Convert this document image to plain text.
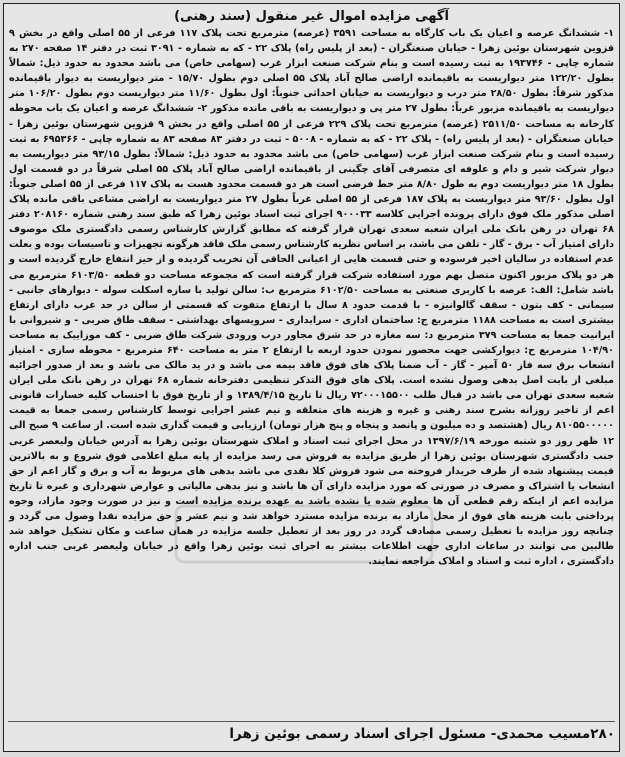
آگهی مزایده اموال غیر منقول (سند رهنی)
۱- ششدانگ عرصه و اعیان یک باب کارگاه به مساحت ۳۵۹۱ (عرصه) مترمربع تحت پلاک ۱۱۷ فرعی از ۵۵ اصلی واقع در بخش ۹ قزوین شهرستان بوئین زهرا - خیابان صنعتگران - (بعد از پلیس راه) پلاک ۲۲ - که به شماره - ۳۰۹۱ ثبت در دفتر ۱۴ صفحه ۲۷۰ به شماره چاپی - ۱۹۳۷۴۶ به ثبت رسیده است و بنام شرکت صنعت ابزار غرب (سهامی خاص) می باشد محدود به حدود ذیل: شمالاً بطول ۱۲۲/۲۰ متر دیواریست به باقیمانده اراضی صالح آباد پلاک ۵۵ اصلی دوم بطول ۱۵/۷۰ - متر دیواریست به دیوار باقیمانده مذکور شرقاً: بطول ۲۸/۵۰ متر درب و دیواریست به خیابان احداثی جنوباً: اول بطول ۱۱/۶۰ متر دیواریست دوم بطول ۱۰۶/۲۰ متر دیواریست به باقیمانده مزبور غرباً: بطول ۲۷ متر پی و دیواریست به باقی مانده مذکور ۲- ششدانگ عرصه و اعیان یک باب محوطه کارخانه به مساحت ۲۵۱۱/۵۰ (عرصه) مترمربع تحت پلاک ۲۲۹ فرعی از ۵۵ اصلی واقع در بخش ۹ قزوین شهرستان بوئین زهرا - خیابان صنعتگران - (بعد از پلیس راه) - پلاک ۲۲ - که به شماره - ۵۰۰۸ - ثبت در دفتر ۸۳ صفحه ۸۳ به شماره چاپی - ۶۹۵۳۶۶ به ثبت رسیده است و بنام شرکت صنعت ابزار غرب (سهامی خاص) می باشد محدود به حدود ذیل: شمالاً: بطول ۹۳/۱۵ متر دیواریست به دیوار شرکت شیر و دام و علوفه ای متصرفی آقای چگینی از باقیمانده اراضی صالح آباد پلاک ۵۵ اصلی شرقاً در دو قسمت اول بطول ۱۸ متر دیواریست دوم به طول ۸/۸۰ متر خط فرضی است هر دو قسمت محدود هست به پلاک ۱۱۷ فرعی از ۵۵ اصلی جنوباً: اول بطول ۹۳/۶۰ متر دیواریست به پلاک ۱۸۷ فرعی از ۵۵ اصلی غرباً بطول ۲۷ متر دیواریست به اراضی مشاعی باقی مانده پلاک اصلی مذکور ملک فوق دارای پرونده اجرایی کلاسه ۹۰۰۰۳۳ اجرای ثبت اسناد بوئین زهرا که طبق سند رهنی شماره ۲۰۸۱۶۰ دفتر ۶۸ تهران در رهن بانک ملی ایران شعبه سعدی تهران قرار گرفته که مطابق گزارش کارشناس رسمی دادگستری ملک موصوف دارای امتیاز آب - برق - گاز - تلفن می باشد، بر اساس نظریه کارشناس رسمی ملک فاقد هرگونه تجهیزات و تاسیسات بوده و بعلت عدم استفاده در سالیان اخیر فرسوده و حتی قسمت هایی از اعیانی الحاقی آن تخریب گردیده و از حیز انتفاع خارج گردیده است و هر دو پلاک مزبور اکنون متصل بهم مورد استفاده شرکت قرار گرفته است که مجموعه مساحت دو قطعه ۶۱۰۳/۵۰ مترمربع می باشد شامل: الف: عرصه با کاربری صنعتی به مساحت ۶۱۰۲/۵۰ مترمربع ب: سالن تولید با سازه اسکلت سوله - دیوارهای جانبی - سیمانی - کف بتون - سقف گالوانیزه - با قدمت حدود ۸ سال با ارتفاع متفوت که قسمتی از سالن در حد غرب دارای ارتفاع بیشتری است به مساحت ۱۱۸۸ مترمربع ج: ساختمان اداری - سرایداری - سرویسهای بهداشتی - سقف طاق ضربی - و شیروانی با ایرانیت جمعا به مساحت ۳۷۹ مترمربع د: سه مغازه در حد شرق مجاور درب ورودی شرکت طاق ضربی - کف موزاییک به مساحت ۱۰۴/۹۰ مترمربع ح: دیوارکشی جهت محصور نمودن حدود اربعه با ارتفاع ۲ متر به مساحت ۶۴۰ مترمربع - محوطه سازی - امتیاز انشعاب برق سه فاز ۵۰ آمپر - گاز - آب ضمنا پلاک های فوق فاقد بیمه می باشد و در ید مالک می باشد و بعد از صدور اجرائیه مبلغی از بابت اصل بدهی وصول نشده است. پلاک های فوق التذکر تنظیمی دفترخانه شماره ۶۸ تهران در رهن بانک ملی ایران شعبه سعدی تهران می باشد در قبال طلب ۷۲۰۰۰۱۵۵۰۰ ریال تا تاریخ ۱۳۸۹/۴/۱۵ و از تاریخ فوق با احتساب کلیه خسارات قانونی اعم از تاخیر روزانه بشرح سند رهنی و غیره و هزینه های متعلقه و نیم عشر اجرایی توسط کارشناس رسمی جمعا به قیمت ۸۱۰۵۵۰۰۰۰۰ ریال (هشتصد و ده میلیون و پانصد و پنجاه و پنج هزار تومان) ارزیابی و قیمت گذاری شده است. از ساعت ۹ صبح الی ۱۲ ظهر روز دو شنبه مورخه ۱۳۹۷/۶/۱۹ در محل اجرای ثبت اسناد و املاک شهرستان بوئین زهرا به آدرس خیابان ولیعصر غربی جنب دادگستری شهرستان بوئین زهرا از طریق مزایده به فروش می رسد مزایده از پایه مبلغ اعلامی فوق شروع و به بالاترین قیمت پیشنهاد شده از طرف خریدار فروخته می شود فروش کلا نقدی می باشد بدهی های مربوط به آب و برق و گاز اعم از حق انشعاب یا اشتراک و مصرف در صورتی که مورد مزایده دارای آن ها باشد و نیز بدهی مالیاتی و عوارض شهرداری و غیره تا تاریخ مزایده اعم از اینکه رقم قطعی آن ها معلوم شده یا نشده باشد به عهده برنده مزایده است و نیز در صورت وجود مازاد، وجوه پرداختی بابت هزینه های فوق از محل مازاد به برنده مزایده مسترد خواهد شد و نیم عشر و حق مزایده نقدا وصول می گردد و چنانچه روز مزایده با تعطیل رسمی مصادف گردد در روز بعد از تعطیل جلسه مزایده در همان ساعت و مکان تشکیل خواهد شد طالبین می توانند در ساعات اداری جهت اطلاعات بیشتر به اجرای ثبت بوئین زهرا واقع در خیابان ولیعصر غربی جنب اداره دادگستری ، اداره ثبت و اسناد و املاک مراجعه نمایند.
۲۸۰مسیب محمدی- مسئول اجرای اسناد رسمی بوئین زهرا
